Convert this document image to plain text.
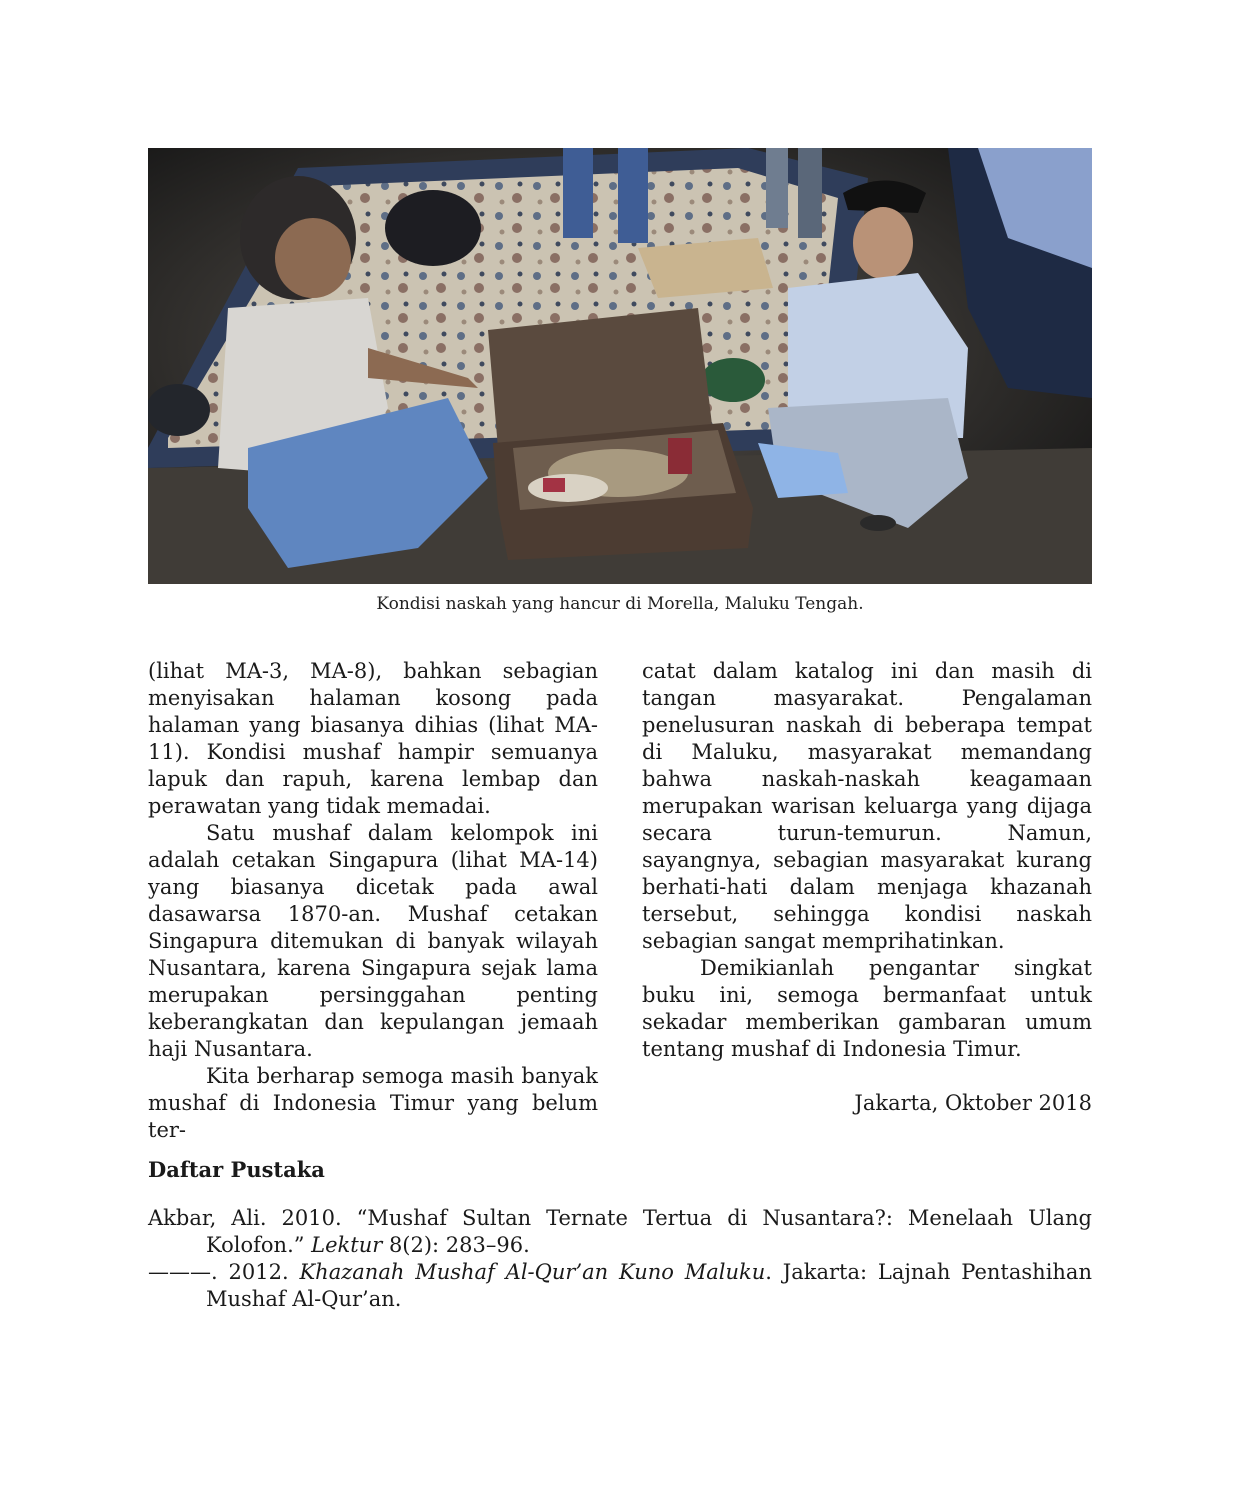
Kondisi naskah yang hancur di Morella, Maluku Tengah.

(lihat MA-3, MA-8), bahkan sebagian menyisakan halaman kosong pada halaman yang biasanya dihias (lihat MA-11). Kondisi mushaf hampir semuanya lapuk dan rapuh, karena lembap dan perawatan yang tidak memadai.

Satu mushaf dalam kelompok ini adalah cetakan Singapura (lihat MA-14) yang biasanya dicetak pada awal dasawarsa 1870-an. Mushaf cetakan Singapura ditemukan di banyak wilayah Nusantara, karena Singapura sejak lama merupakan persinggahan penting keberangkatan dan kepulangan jemaah haji Nusantara.

Kita berharap semoga masih banyak mushaf di Indonesia Timur yang belum ter-

catat dalam katalog ini dan masih di tangan masyarakat. Pengalaman penelusuran naskah di beberapa tempat di Maluku, masyarakat memandang bahwa naskah-naskah keagamaan merupakan warisan keluarga yang dijaga secara turun-temurun. Namun, sayangnya, sebagian masyarakat kurang berhati-hati dalam menjaga khazanah tersebut, sehingga kondisi naskah sebagian sangat memprihatinkan.

Demikianlah pengantar singkat buku ini, semoga bermanfaat untuk sekadar memberikan gambaran umum tentang mushaf di Indonesia Timur.

Jakarta, Oktober 2018

Daftar Pustaka

Akbar, Ali. 2010. “Mushaf Sultan Ternate Tertua di Nusantara?: Menelaah Ulang Kolofon.” Lektur 8(2): 283–96.

———. 2012. Khazanah Mushaf Al-Qur’an Kuno Maluku. Jakarta: Lajnah Pentashihan Mushaf Al-Qur’an.
